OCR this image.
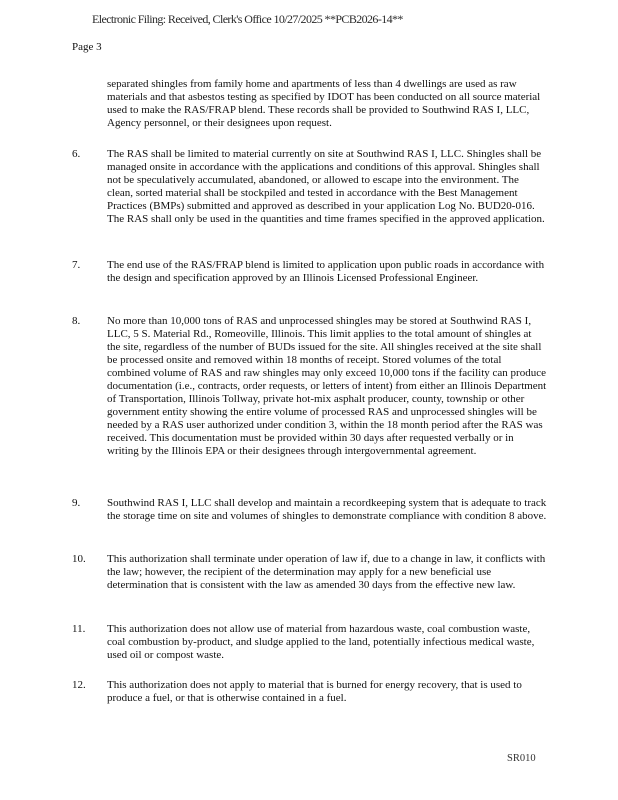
Electronic Filing: Received, Clerk's Office 10/27/2025 **PCB2026-14**
Page 3
separated shingles from family home and apartments of less than 4 dwellings are used as raw materials and that asbestos testing as specified by IDOT has been conducted on all source material used to make the RAS/FRAP blend. These records shall be provided to Southwind RAS I, LLC, Agency personnel, or their designees upon request.
6. The RAS shall be limited to material currently on site at Southwind RAS I, LLC. Shingles shall be managed onsite in accordance with the applications and conditions of this approval. Shingles shall not be speculatively accumulated, abandoned, or allowed to escape into the environment. The clean, sorted material shall be stockpiled and tested in accordance with the Best Management Practices (BMPs) submitted and approved as described in your application Log No. BUD20-016. The RAS shall only be used in the quantities and time frames specified in the approved application.
7. The end use of the RAS/FRAP blend is limited to application upon public roads in accordance with the design and specification approved by an Illinois Licensed Professional Engineer.
8. No more than 10,000 tons of RAS and unprocessed shingles may be stored at Southwind RAS I, LLC, 5 S. Material Rd., Romeoville, Illinois. This limit applies to the total amount of shingles at the site, regardless of the number of BUDs issued for the site. All shingles received at the site shall be processed onsite and removed within 18 months of receipt. Stored volumes of the total combined volume of RAS and raw shingles may only exceed 10,000 tons if the facility can produce documentation (i.e., contracts, order requests, or letters of intent) from either an Illinois Department of Transportation, Illinois Tollway, private hot-mix asphalt producer, county, township or other government entity showing the entire volume of processed RAS and unprocessed shingles will be needed by a RAS user authorized under condition 3, within the 18 month period after the RAS was received. This documentation must be provided within 30 days after requested verbally or in writing by the Illinois EPA or their designees through intergovernmental agreement.
9. Southwind RAS I, LLC shall develop and maintain a recordkeeping system that is adequate to track the storage time on site and volumes of shingles to demonstrate compliance with condition 8 above.
10. This authorization shall terminate under operation of law if, due to a change in law, it conflicts with the law; however, the recipient of the determination may apply for a new beneficial use determination that is consistent with the law as amended 30 days from the effective new law.
11. This authorization does not allow use of material from hazardous waste, coal combustion waste, coal combustion by-product, and sludge applied to the land, potentially infectious medical waste, used oil or compost waste.
12. This authorization does not apply to material that is burned for energy recovery, that is used to produce a fuel, or that is otherwise contained in a fuel.
SR010
